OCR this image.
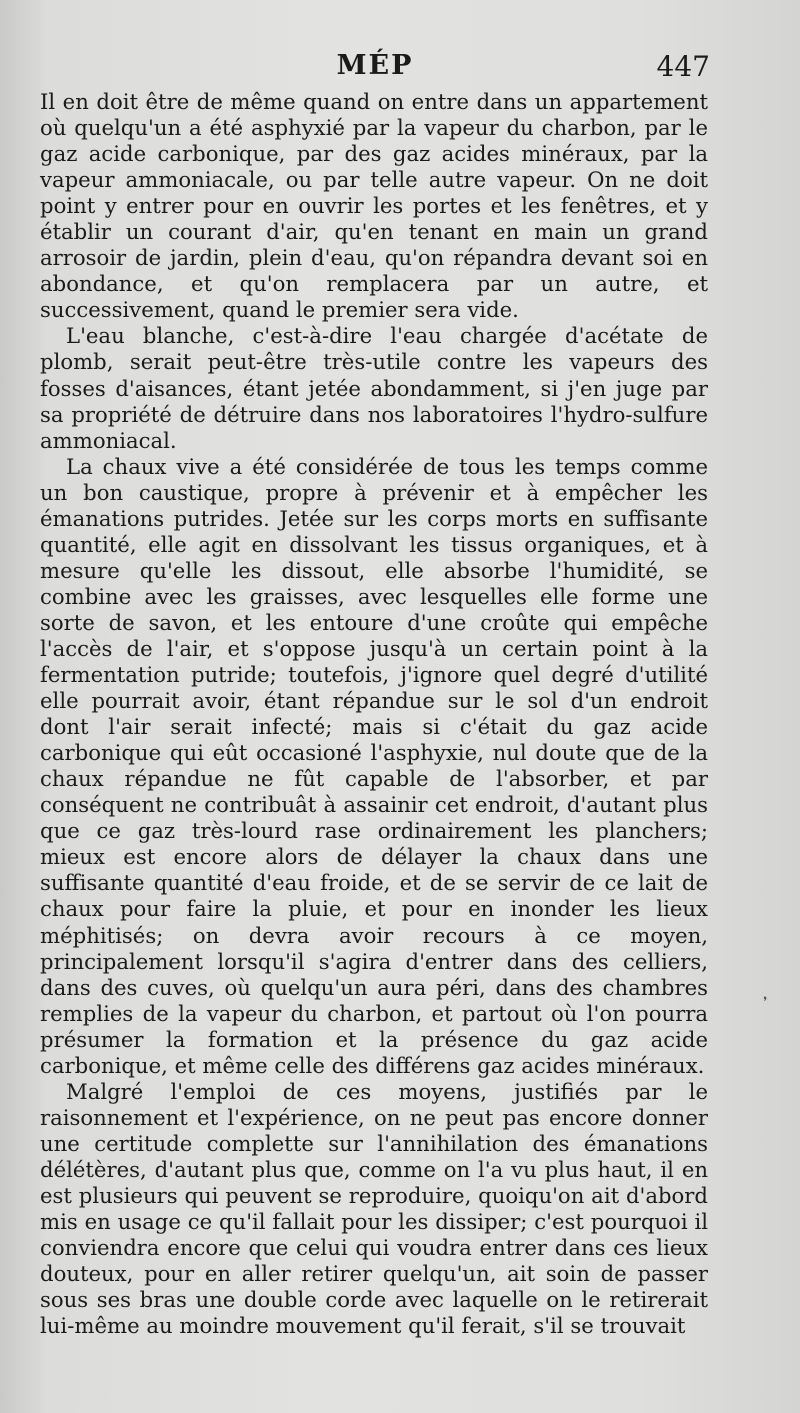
MÉP	447

Il en doit être de même quand on entre dans un appartement où quelqu'un a été asphyxié par la vapeur du charbon, par le gaz acide carbonique, par des gaz acides minéraux, par la vapeur ammoniacale, ou par telle autre vapeur. On ne doit point y entrer pour en ouvrir les portes et les fenêtres, et y établir un courant d'air, qu'en tenant en main un grand arrosoir de jardin, plein d'eau, qu'on répandra devant soi en abondance, et qu'on remplacera par un autre, et successivement, quand le premier sera vide.

L'eau blanche, c'est-à-dire l'eau chargée d'acétate de plomb, serait peut-être très-utile contre les vapeurs des fosses d'aisances, étant jetée abondamment, si j'en juge par sa propriété de détruire dans nos laboratoires l'hydro-sulfure ammoniacal.

La chaux vive a été considérée de tous les temps comme un bon caustique, propre à prévenir et à empêcher les émanations putrides. Jetée sur les corps morts en suffisante quantité, elle agit en dissolvant les tissus organiques, et à mesure qu'elle les dissout, elle absorbe l'humidité, se combine avec les graisses, avec lesquelles elle forme une sorte de savon, et les entoure d'une croûte qui empêche l'accès de l'air, et s'oppose jusqu'à un certain point à la fermentation putride; toutefois, j'ignore quel degré d'utilité elle pourrait avoir, étant répandue sur le sol d'un endroit dont l'air serait infecté; mais si c'était du gaz acide carbonique qui eût occasioné l'asphyxie, nul doute que de la chaux répandue ne fût capable de l'absorber, et par conséquent ne contribuât à assainir cet endroit, d'autant plus que ce gaz très-lourd rase ordinairement les planchers; mieux est encore alors de délayer la chaux dans une suffisante quantité d'eau froide, et de se servir de ce lait de chaux pour faire la pluie, et pour en inonder les lieux méphitisés; on devra avoir recours à ce moyen, principalement lorsqu'il s'agira d'entrer dans des celliers, dans des cuves, où quelqu'un aura péri, dans des chambres remplies de la vapeur du charbon, et partout où l'on pourra présumer la formation et la présence du gaz acide carbonique, et même celle des différens gaz acides minéraux.

Malgré l'emploi de ces moyens, justifiés par le raisonnement et l'expérience, on ne peut pas encore donner une certitude complette sur l'annihilation des émanations délétères, d'autant plus que, comme on l'a vu plus haut, il en est plusieurs qui peuvent se reproduire, quoiqu'on ait d'abord mis en usage ce qu'il fallait pour les dissiper; c'est pourquoi il conviendra encore que celui qui voudra entrer dans ces lieux douteux, pour en aller retirer quelqu'un, ait soin de passer sous ses bras une double corde avec laquelle on le retirerait lui-même au moindre mouvement qu'il ferait, s'il se trouvait

᾿
